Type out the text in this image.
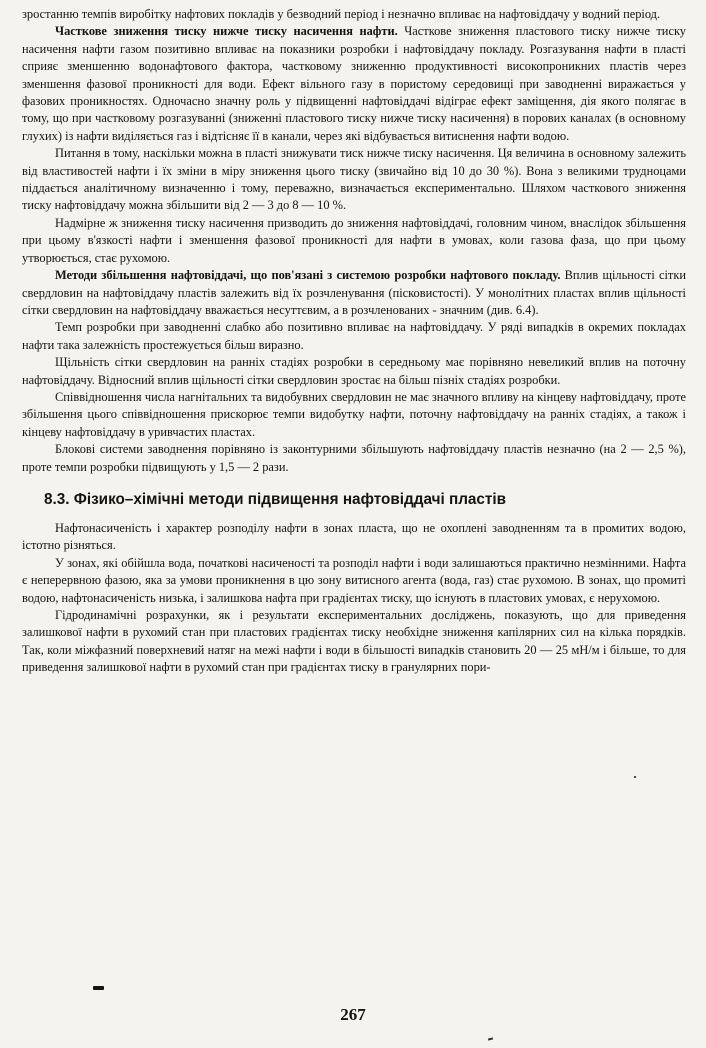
зростанню темпів виробітку нафтових покладів у безводний період і незначно впливає на нафтовіддачу у водний період.

Часткове зниження тиску нижче тиску насичення нафти. Часткове зниження пластового тиску нижче тиску насичення нафти газом позитивно впливає на показники розробки і нафтовіддачу покладу. Розгазування нафти в пласті сприяє зменшенню водонафтового фактора, частковому зниженню продуктивності високопроникних пластів через зменшення фазової проникності для води. Ефект вільного газу в пористому середовищі при заводненні виражається у фазових проникностях. Одночасно значну роль у підвищенні нафтовіддачі відіграє ефект заміщення, дія якого полягає в тому, що при частковому розгазуванні (зниженні пластового тиску нижче тиску насичення) в порових каналах (в основному глухих) із нафти виділяється газ і відтісняє її в канали, через які відбувається витиснення нафти водою.

Питання в тому, наскільки можна в пласті знижувати тиск нижче тиску насичення. Ця величина в основному залежить від властивостей нафти і їх зміни в міру зниження цього тиску (звичайно від 10 до 30 %). Вона з великими трудноцами піддається аналітичному визначенню і тому, переважно, визначається експериментально. Шляхом часткового зниження тиску нафтовіддачу можна збільшити від 2 — 3 до 8 — 10 %.

Надмірне ж зниження тиску насичення призводить до зниження нафтовіддачі, головним чином, внаслідок збільшення при цьому в'язкості нафти і зменшення фазової проникності для нафти в умовах, коли газова фаза, що при цьому утворюється, стає рухомою.

Методи збільшення нафтовіддачі, що пов'язані з системою розробки нафтового покладу. Вплив щільності сітки свердловин на нафтовіддачу пластів залежить від їх розчленування (пісковистості). У монолітних пластах вплив щільності сітки свердловин на нафтовіддачу вважається несуттєвим, а в розчленованих - значним (див. 6.4).

Темп розробки при заводненні слабко або позитивно впливає на нафтовіддачу. У ряді випадків в окремих покладах нафти така залежність простежується більш виразно.

Щільність сітки свердловин на ранніх стадіях розробки в середньому має порівняно невеликий вплив на поточну нафтовіддачу. Відносний вплив щільності сітки свердловин зростає на більш пізніх стадіях розробки.

Співвідношення числа нагнітальних та видобувних свердловин не має значного впливу на кінцеву нафтовіддачу, проте збільшення цього співвідношення прискорює темпи видобутку нафти, поточну нафтовіддачу на ранніх стадіях, а також і кінцеву нафтовіддачу в уривчастих пластах.

Блокові системи заводнення порівняно із законтурними збільшують нафтовіддачу пластів незначно (на 2 — 2,5 %), проте темпи розробки підвищують у 1,5 — 2 рази.

8.3. Фізико–хімічні методи підвищення нафтовіддачі пластів

Нафтонасиченість і характер розподілу нафти в зонах пласта, що не охоплені заводненням та в промитих водою, істотно різняться.

У зонах, які обійшла вода, початкові насиченості та розподіл нафти і води залишаються практично незмінними. Нафта є неперервною фазою, яка за умови проникнення в цю зону витисного агента (вода, газ) стає рухомою. В зонах, що промиті водою, нафтонасиченість низька, і залишкова нафта при градієнтах тиску, що існують в пластових умовах, є нерухомою.

Гідродинамічні розрахунки, як і результати експериментальних досліджень, показують, що для приведення залишкової нафти в рухомий стан при пластових градієнтах тиску необхідне зниження капілярних сил на кілька порядків. Так, коли міжфазний поверхневий натяг на межі нафти і води в більшості випадків становить 20 — 25 мН/м і більше, то для приведення залишкової нафти в рухомий стан при градієнтах тиску в гранулярних пори-

267
